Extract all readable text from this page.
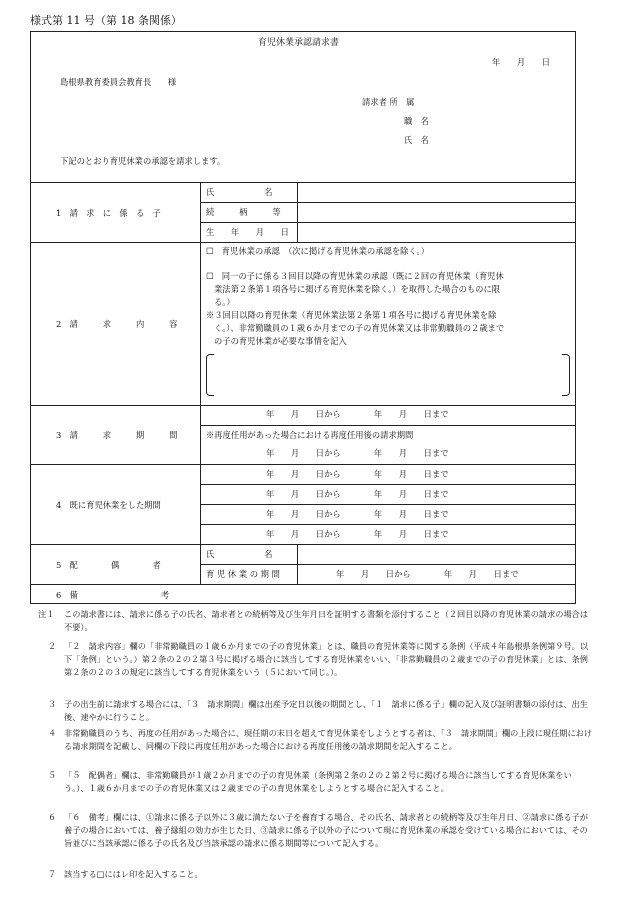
様式第 11 号（第 18 条関係）
育児休業承認請求書
年　　月　　日
島根県教育委員会教育長　　様
請求者 所　属
職　名
氏　名
下記のとおり育児休業の承認を請求します。
1　請　求　に　係　る　子
氏　　　　　　名
続　　　柄　　　等
生　　年　　月　　日
2　請　　　求　　　内　　　容
☐　育児休業の承認　（次に掲げる育児休業の承認を除く。）
☐　同一の子に係る３回目以降の育児休業の承認（既に２回の育児休業（育児休
業法第２条第１項各号に掲げる育児休業を除く。）を取得した場合のものに限
る。）
※３回目以降の育児休業（育児休業法第２条第１項各号に掲げる育児休業を除
く。）、非常勤職員の１歳６か月までの子の育児休業又は非常勤職員の２歳まで
の子の育児休業が必要な事情を記入
3　請　　　求　　　期　　　間
年　　月　　日から　　　　年　　月　　日まで
※再度任用があった場合における再度任用後の請求期間
年　　月　　日から　　　　年　　月　　日まで
4　既に育児休業をした期間
年　　月　　日から　　　　年　　月　　日まで
年　　月　　日から　　　　年　　月　　日まで
年　　月　　日から　　　　年　　月　　日まで
年　　月　　日から　　　　年　　月　　日まで
5　配　　　　偶　　　　者
氏　　　　　　名
育 児 休 業 の 期 間	年　　月　　日から　　　　年　　月　　日まで
6　備　　　　　　　　　　考
注１ この請求書には、請求に係る子の氏名、請求者との続柄等及び生年月日を証明する書類を添付すること（２回目以降の育児休業の請求の場合は不要）。
２ 「２　請求内容」欄の「非常勤職員の１歳６か月までの子の育児休業」とは、職員の育児休業等に関する条例（平成４年島根県条例第９号。以下「条例」という。）第２条の２の２第３号に掲げる場合に該当してする育児休業をいい、「非常勤職員の２歳までの子の育児休業」とは、条例第２条の２の３の規定に該当してする育児休業をいう（５において同じ。）。
３ 子の出生前に請求する場合には、「３　請求期間」欄は出産予定日以後の期間とし、「１　請求に係る子」欄の記入及び証明書類の添付は、出生後、速やかに行うこと。
４ 非常勤職員のうち、再度の任用があった場合に、現任期の末日を超えて育児休業をしようとする者は、「３　請求期間」欄の上段に現任期における請求期間を記載し、同欄の下段に再度任用があった場合における再度任用後の請求期間を記入すること。
５ 「５　配偶者」欄は、非常勤職員が１歳２か月までの子の育児休業（条例第２条の２の２第２号に掲げる場合に該当してする育児休業をいう。）、１歳６か月までの子の育児休業又は２歳までの子の育児休業をしようとする場合に記入すること。
６ 「６　備考」欄には、①請求に係る子以外に３歳に満たない子を養育する場合、その氏名、請求者との続柄等及び生年月日、②請求に係る子が養子の場合においては、養子縁組の効力が生じた日、③請求に係る子以外の子について現に育児休業の承認を受けている場合においては、その旨並びに当該承認に係る子の氏名及び当該承認の請求に係る期間等について記入する。
７ 該当する□にはレ印を記入すること。
